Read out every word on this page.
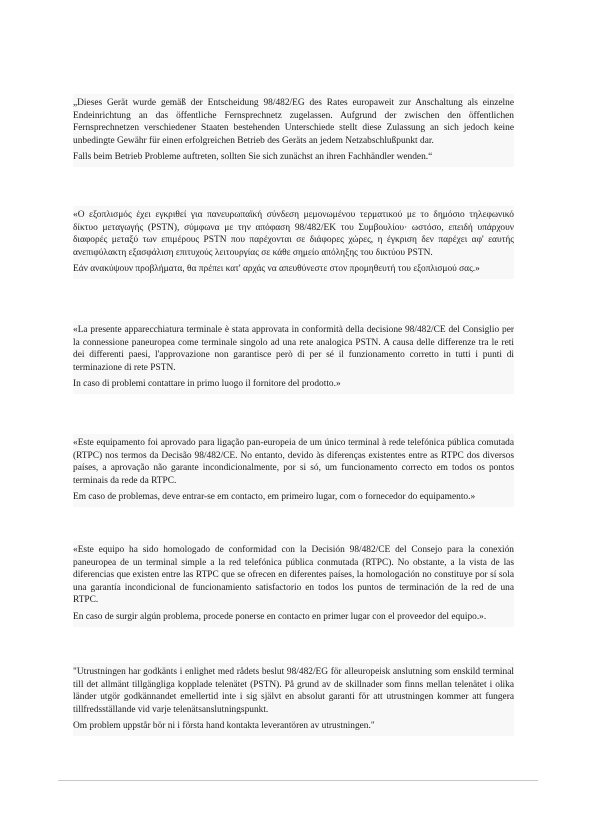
„Dieses Gerät wurde gemäß der Entscheidung 98/482/EG des Rates europaweit zur Anschaltung als einzelne Endeinrichtung an das öffentliche Fernsprechnetz zugelassen. Aufgrund der zwischen den öffentlichen Fernsprechnetzen verschiedener Staaten bestehenden Unterschiede stellt diese Zulassung an sich jedoch keine unbedingte Gewähr für einen erfolgreichen Betrieb des Geräts an jedem Netzabschlußpunkt dar.

Falls beim Betrieb Probleme auftreten, sollten Sie sich zunächst an ihren Fachhändler wenden.“

«Ο εξοπλισμός έχει εγκριθεί για πανευρωπαϊκή σύνδεση μεμονωμένου τερματικού με το δημόσιο τηλεφωνικό δίκτυο μεταγωγής (PSTN), σύμφωνα με την απόφαση 98/482/ΕΚ του Συμβουλίου· ωστόσο, επειδή υπάρχουν διαφορές μεταξύ των επιμέρους PSTN που παρέχονται σε διάφορες χώρες, η έγκριση δεν παρέχει αφ' εαυτής ανεπιφύλακτη εξασφάλιση επιτυχούς λειτουργίας σε κάθε σημείο απόληξης του δικτύου PSTN.

Εάν ανακύψουν προβλήματα, θα πρέπει κατ' αρχάς να απευθύνεστε στον προμηθευτή του εξοπλισμού σας.»

«La presente apparecchiatura terminale è stata approvata in conformità della decisione 98/482/CE del Consiglio per la connessione paneuropea come terminale singolo ad una rete analogica PSTN. A causa delle differenze tra le reti dei differenti paesi, l'approvazione non garantisce però di per sé il funzionamento corretto in tutti i punti di terminazione di rete PSTN.

In caso di problemi contattare in primo luogo il fornitore del prodotto.»

«Este equipamento foi aprovado para ligação pan-europeia de um único terminal à rede telefónica pública comutada (RTPC) nos termos da Decisão 98/482/CE. No entanto, devido às diferenças existentes entre as RTPC dos diversos países, a aprovação não garante incondicionalmente, por si só, um funcionamento correcto em todos os pontos terminais da rede da RTPC.

Em caso de problemas, deve entrar-se em contacto, em primeiro lugar, com o fornecedor do equipamento.»

«Este equipo ha sido homologado de conformidad con la Decisión 98/482/CE del Consejo para la conexión paneuropea de un terminal simple a la red telefónica pública conmutada (RTPC). No obstante, a la vista de las diferencias que existen entre las RTPC que se ofrecen en diferentes países, la homologación no constituye por sí sola una garantía incondicional de funcionamiento satisfactorio en todos los puntos de terminación de la red de una RTPC.

En caso de surgir algún problema, procede ponerse en contacto en primer lugar con el proveedor del equipo.».

"Utrustningen har godkänts i enlighet med rådets beslut 98/482/EG för alleuropeisk anslutning som enskild terminal till det allmänt tillgängliga kopplade telenätet (PSTN). På grund av de skillnader som finns mellan telenätet i olika länder utgör godkännandet emellertid inte i sig självt en absolut garanti för att utrustningen kommer att fungera tillfredsställande vid varje telenätsanslutningspunkt.

Om problem uppstår bör ni i första hand kontakta leverantören av utrustningen."
